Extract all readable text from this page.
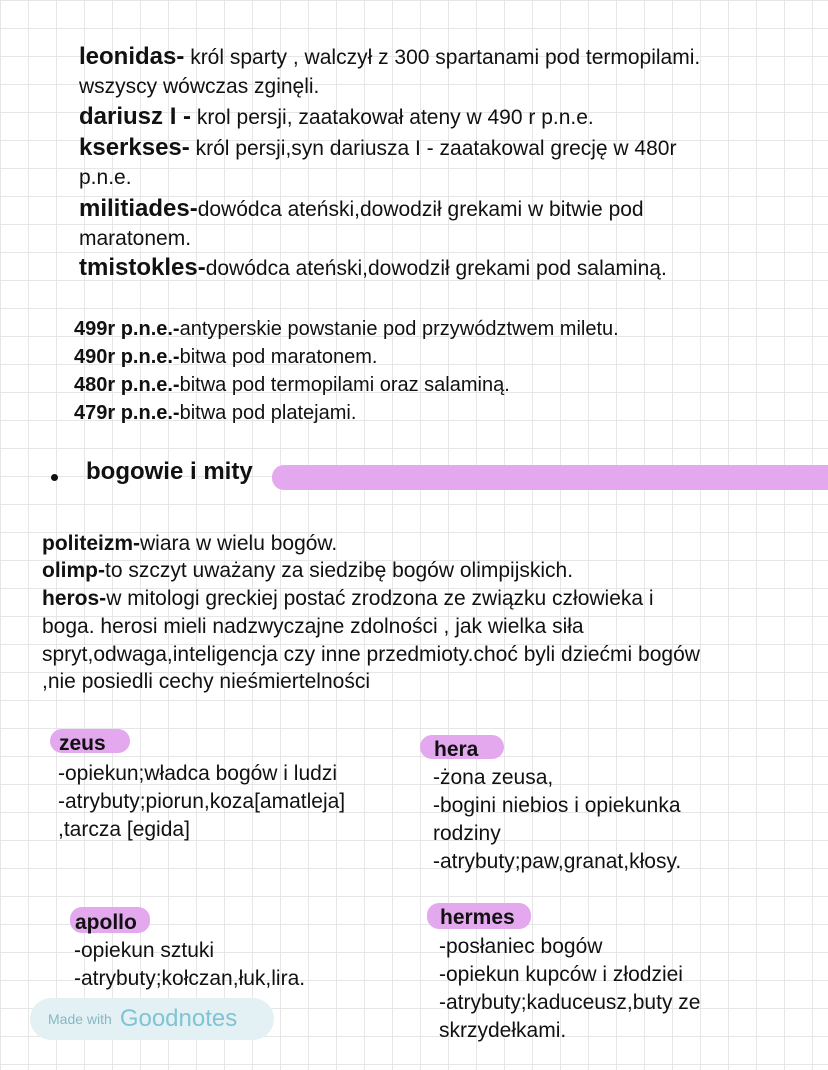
leonidas- król sparty , walczył z 300 spartanami pod termopilami.
wszyscy wówczas zginęli.
dariusz I - krol persji, zaatakował ateny w 490 r p.n.e.
kserkses- król persji,syn dariusza I - zaatakowal grecję w 480r
p.n.e.
militiades-dowódca ateński,dowodził grekami w bitwie pod
maratonem.
tmistokles-dowódca ateński,dowodził grekami pod salaminą.
499r p.n.e.-antyperskie powstanie pod przywództwem miletu.
490r p.n.e.-bitwa pod maratonem.
480r p.n.e.-bitwa pod termopilami oraz salaminą.
479r p.n.e.-bitwa pod platejami.
bogowie i mity
politeizm-wiara w wielu bogów.
olimp-to szczyt uważany za siedzibę bogów olimpijskich.
heros-w mitologi greckiej postać zrodzona ze związku człowieka i
boga. herosi mieli nadzwyczajne zdolności , jak wielka siła
spryt,odwaga,inteligencja czy inne przedmioty.choć byli dziećmi bogów
,nie posiedli cechy nieśmiertelności
zeus
-opiekun;władca bogów i ludzi
-atrybuty;piorun,koza[amatleja]
,tarcza [egida]
hera
-żona zeusa,
-bogini niebios i opiekunka
rodziny
-atrybuty;paw,granat,kłosy.
apollo
-opiekun sztuki
-atrybuty;kołczan,łuk,lira.
hermes
-posłaniec bogów
-opiekun kupców i złodziei
-atrybuty;kaduceusz,buty ze
skrzydełkami.
Made with Goodnotes
